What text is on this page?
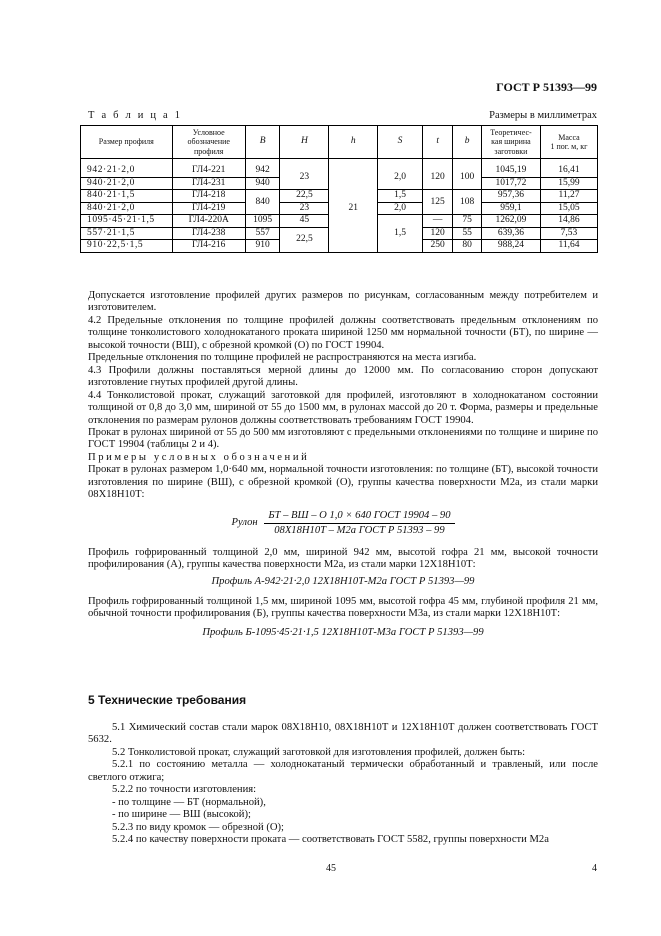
ГОСТ Р 51393—99
Т а б л и ц а 1	Размеры в миллиметрах
Размер профиля	Условное
обозначение
профиля	B	H	h	S	t	b	Теоретичес-
кая ширина
заготовки	Масса
1 пог. м, кг
942·21·2,0	ГЛ4-221	942	23	21	2,0	120	100	1045,19	16,41
940·21·2,0	ГЛ4-231	940						1017,72	15,99
840·21·1,5	ГЛ4-218	840	22,5		1,5	125	108	957,36	11,27
840·21·2,0	ГЛ4-219		23		2,0			959,1	15,05
1095·45·21·1,5	ГЛ4-220А	1095	45		1,5	—	75	1262,09	14,86
557·21·1,5	ГЛ4-238	557	22,5			120	55	639,36	7,53
910·22,5·1,5	ГЛ4-216	910				250	80	988,24	11,64

Допускается изготовление профилей других размеров по рисункам, согласованным между потребителем и изготовителем.

4.2 Предельные отклонения по толщине профилей должны соответствовать предельным отклонениям по толщине тонколистового холоднокатаного проката шириной 1250 мм нормальной точности (БТ), по ширине — высокой точности (ВШ), с обрезной кромкой (О) по ГОСТ 19904.

Предельные отклонения по толщине профилей не распространяются на места изгиба.

4.3 Профили должны поставляться мерной длины до 12000 мм. По согласованию сторон допускают изготовление гнутых профилей другой длины.

4.4 Тонколистовой прокат, служащий заготовкой для профилей, изготовляют в холоднокатаном состоянии толщиной от 0,8 до 3,0 мм, шириной от 55 до 1500 мм, в рулонах массой до 20 т. Форма, размеры и предельные отклонения по размерам рулонов должны соответствовать требованиям ГОСТ 19904.

Прокат в рулонах шириной от 55 до 500 мм изготовляют с предельными отклонениями по толщине и ширине по ГОСТ 19904 (таблицы 2 и 4).

Примеры условных обозначений

Прокат в рулонах размером 1,0·640 мм, нормальной точности изготовления: по толщине (БТ), высокой точности изготовления по ширине (ВШ), с обрезной кромкой (О), группы качества поверхности М2а, из стали марки 08Х18Н10Т:

Рулон $\frac{\text{БТ – ВШ – О 1,0 × 640 ГОСТ 19904 – 90}}{\text{08Х18Н10Т – М2а ГОСТ Р 51393 – 99}}$

Профиль гофрированный толщиной 2,0 мм, шириной 942 мм, высотой гофра 21 мм, высокой точности профилирования (А), группы качества поверхности М2а, из стали марки 12Х18Н10Т:

Профиль А-942·21·2,0 12Х18Н10Т-М2а ГОСТ Р 51393—99

Профиль гофрированный толщиной 1,5 мм, шириной 1095 мм, высотой гофра 45 мм, глубиной профиля 21 мм, обычной точности профилирования (Б), группы качества поверхности М3а, из стали марки 12Х18Н10Т:

Профиль Б-1095·45·21·1,5 12Х18Н10Т-М3а ГОСТ Р 51393—99

5 Технические требования

5.1 Химический состав стали марок 08Х18Н10, 08Х18Н10Т и 12Х18Н10Т должен соответствовать ГОСТ 5632.

5.2 Тонколистовой прокат, служащий заготовкой для изготовления профилей, должен быть:

5.2.1 по состоянию металла — холоднокатаный термически обработанный и травленый, или после светлого отжига;

5.2.2 по точности изготовления:

- по толщине — БТ (нормальной),

- по ширине — ВШ (высокой);

5.2.3 по виду кромок — обрезной (О);

5.2.4 по качеству поверхности проката — соответствовать ГОСТ 5582, группы поверхности М2а

45	4
